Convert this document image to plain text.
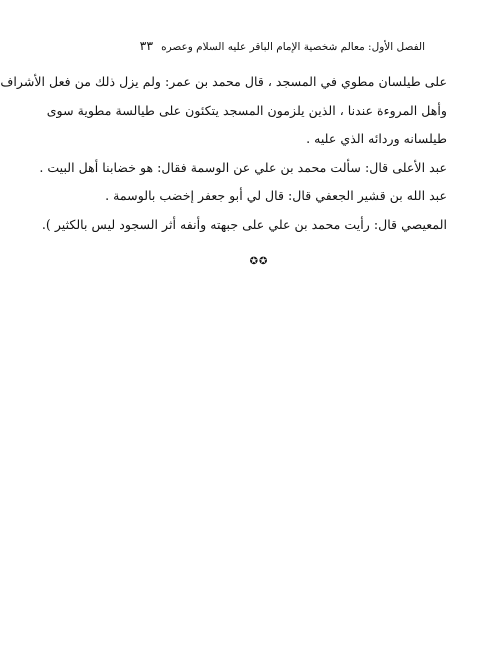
٣٣ الفصل الأول: معالم شخصية الإمام الباقر عليه السلام وعصره
على طيلسان مطوي في المسجد ، قال محمد بن عمر: ولم يزل ذلك من فعل الأشراف
وأهل المروءة عندنا ، الذين يلزمون المسجد يتكئون على طيالسة مطوية سوى
طيلسانه وردائه الذي عليه .
عبد الأعلى قال: سألت محمد بن علي عن الوسمة فقال: هو خضابنا أهل البيت .
عبد الله بن قشير الجعفي قال: قال لي أبو جعفر إخضب بالوسمة .
المعيصي قال: رأيت محمد بن علي على جبهته وأنفه أثر السجود ليس بالكثير ).
✪✪
